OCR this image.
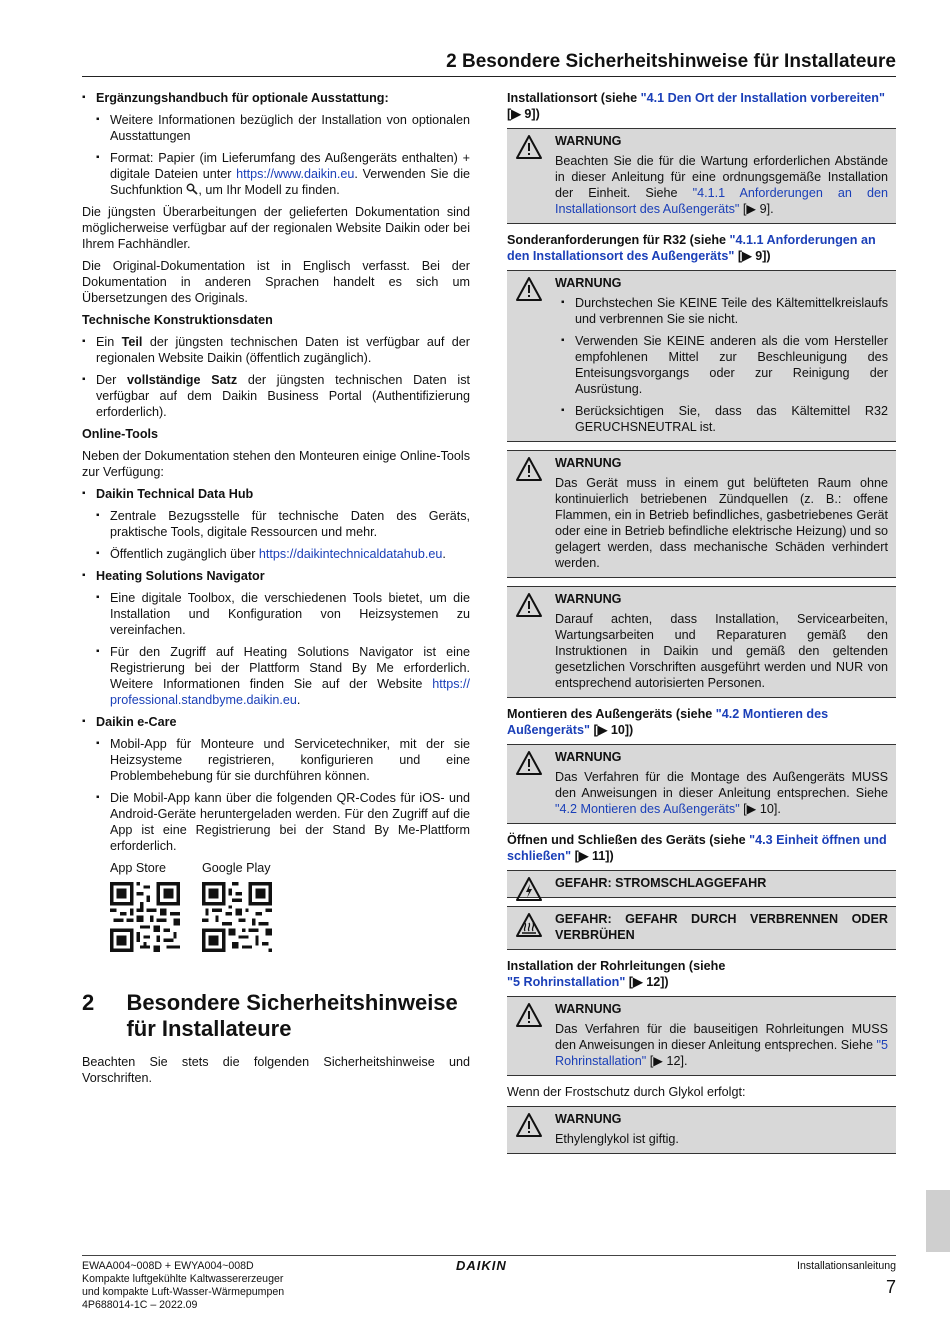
2 Besondere Sicherheitshinweise für Installateure
▪ Ergänzungshandbuch für optionale Ausstattung:
▪ Weitere Informationen bezüglich der Installation von optionalen Ausstattungen
▪ Format: Papier (im Lieferumfang des Außengeräts enthalten) + digitale Dateien unter https://www.daikin.eu. Verwenden Sie die Suchfunktion , um Ihr Modell zu finden.

Die jüngsten Überarbeitungen der gelieferten Dokumentation sind möglicherweise verfügbar auf der regionalen Website Daikin oder bei Ihrem Fachhändler.

Die Original-Dokumentation ist in Englisch verfasst. Bei der Dokumentation in anderen Sprachen handelt es sich um Übersetzungen des Originals.

Technische Konstruktionsdaten
▪ Ein Teil der jüngsten technischen Daten ist verfügbar auf der regionalen Website Daikin (öffentlich zugänglich).
▪ Der vollständige Satz der jüngsten technischen Daten ist verfügbar auf dem Daikin Business Portal (Authentifizierung erforderlich).
Online-Tools

Neben der Dokumentation stehen den Monteuren einige Online-Tools zur Verfügung:

▪ Daikin Technical Data Hub
▪ Zentrale Bezugsstelle für technische Daten des Geräts, praktische Tools, digitale Ressourcen und mehr.
▪ Öffentlich zugänglich über https://daikintechnicaldatahub.eu.
▪ Heating Solutions Navigator
▪ Eine digitale Toolbox, die verschiedenen Tools bietet, um die Installation und Konfiguration von Heizsystemen zu vereinfachen.
▪ Für den Zugriff auf Heating Solutions Navigator ist eine Registrierung bei der Plattform Stand By Me erforderlich. Weitere Informationen finden Sie auf der Website https:// professional.standbyme.daikin.eu.
▪ Daikin e-Care
▪ Mobil-App für Monteure und Servicetechniker, mit der sie Heizsysteme registrieren, konfigurieren und eine Problembehebung für sie durchführen können.
▪ Die Mobil-App kann über die folgenden QR-Codes für iOS- und Android-Geräte heruntergeladen werden. Für den Zugriff auf die App ist eine Registrierung bei der Stand By Me-Plattform erforderlich.
App Store	Google Play
2	Besondere Sicherheitshinweise für Installateure

Beachten Sie stets die folgenden Sicherheitshinweise und Vorschriften.

Installationsort (siehe "4.1 Den Ort der Installation vorbereiten" [▶ 9])
WARNUNG

Beachten Sie die für die Wartung erforderlichen Abstände in dieser Anleitung für eine ordnungsgemäße Installation der Einheit. Siehe "4.1.1 Anforderungen an den Installationsort des Außengeräts" [▶ 9].

Sonderanforderungen für R32 (siehe "4.1.1 Anforderungen an den Installationsort des Außengeräts" [▶ 9])
WARNUNG
▪ Durchstechen Sie KEINE Teile des Kältemittelkreislaufs und verbrennen Sie sie nicht.
▪ Verwenden Sie KEINE anderen als die vom Hersteller empfohlenen Mittel zur Beschleunigung des Enteisungsvorgangs oder zur Reinigung der Ausrüstung.
▪ Berücksichtigen Sie, dass das Kältemittel R32 GERUCHSNEUTRAL ist.
WARNUNG

Das Gerät muss in einem gut belüfteten Raum ohne kontinuierlich betriebenen Zündquellen (z. B.: offene Flammen, ein in Betrieb befindliches, gasbetriebenes Gerät oder eine in Betrieb befindliche elektrische Heizung) und so gelagert werden, dass mechanische Schäden verhindert werden.

WARNUNG

Darauf achten, dass Installation, Servicearbeiten, Wartungsarbeiten und Reparaturen gemäß den Instruktionen in Daikin und gemäß den geltenden gesetzlichen Vorschriften ausgeführt werden und NUR von entsprechend autorisierten Personen.

Montieren des Außengeräts (siehe "4.2 Montieren des Außengeräts" [▶ 10])
WARNUNG

Das Verfahren für die Montage des Außengeräts MUSS den Anweisungen in dieser Anleitung entsprechen. Siehe "4.2 Montieren des Außengeräts" [▶ 10].

Öffnen und Schließen des Geräts (siehe "4.3 Einheit öffnen und schließen" [▶ 11])
GEFAHR: STROMSCHLAGGEFAHR
GEFAHR: GEFAHR DURCH VERBRENNEN ODER VERBRÜHEN
Installation der Rohrleitungen (siehe
"5 Rohrinstallation" [▶ 12])
WARNUNG

Das Verfahren für die bauseitigen Rohrleitungen MUSS den Anweisungen in dieser Anleitung entsprechen. Siehe "5 Rohrinstallation" [▶ 12].

Wenn der Frostschutz durch Glykol erfolgt:

WARNUNG

Ethylenglykol ist giftig.

EWAA004~008D + EWYA004~008D
Kompakte luftgekühlte Kaltwassererzeuger
und kompakte Luft-Wasser-Wärmepumpen
4P688014-1C – 2022.09
DAIKIN	Installationsanleitung
7
